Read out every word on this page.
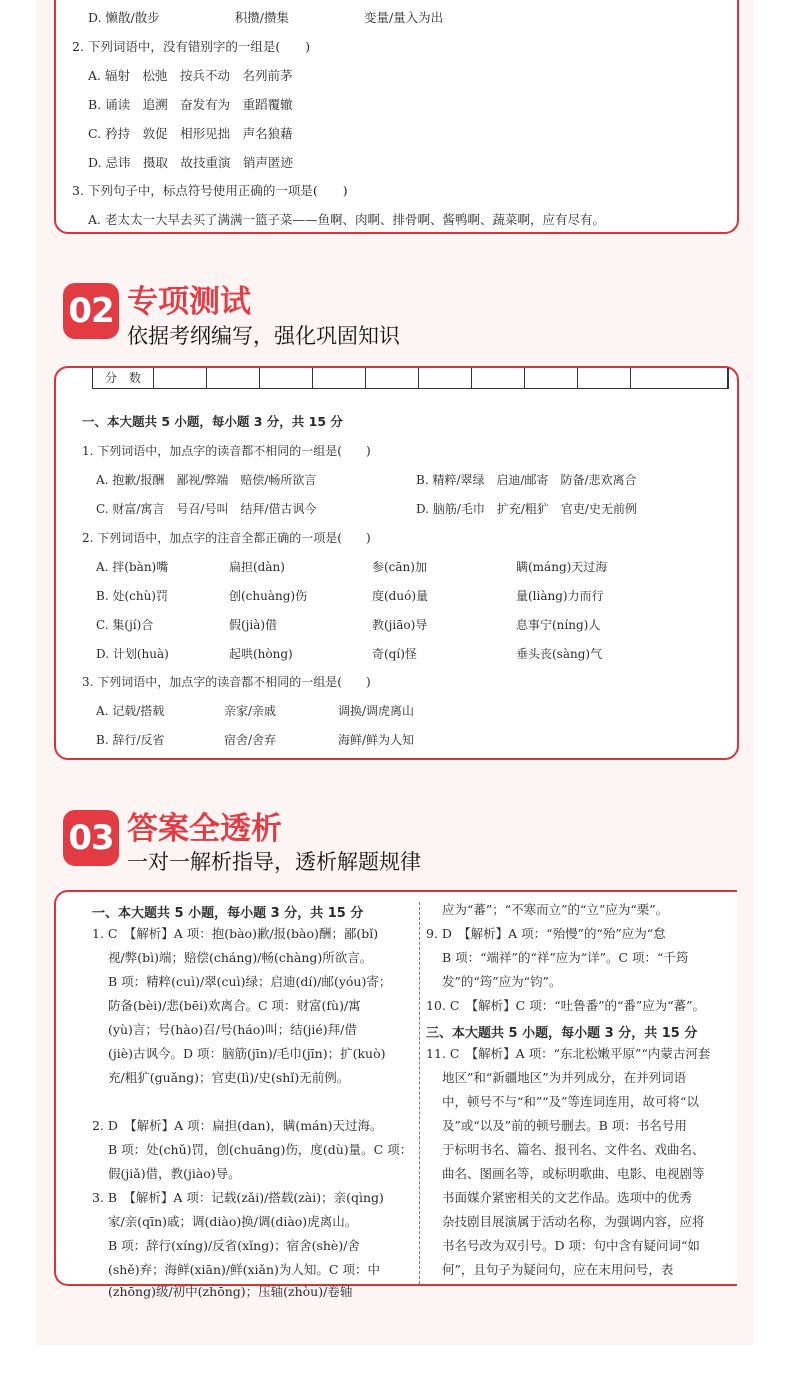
D. 懒散/散步　　　　　　积攒/攒集　　　　　　变量/量入为出
2. 下列词语中，没有错别字的一组是(　　)
A. 辐射　松弛　按兵不动　名列前茅
B. 诵读　追溯　奋发有为　重蹈覆辙
C. 矜持　敦促　相形见拙　声名狼藉
D. 忌讳　摄取　故技重演　销声匿迹
3. 下列句子中，标点符号使用正确的一项是(　　)
A. 老太太一大早去买了满满一篮子菜——鱼啊、肉啊、排骨啊、酱鸭啊、蔬菜啊，应有尽有。
02 专项测试
依据考纲编写，强化巩固知识
分　数
一、本大题共 5 小题，每小题 3 分，共 15 分
1. 下列词语中，加点字的读音都不相同的一组是(　　)
A. 抱歉/报酬　鄙视/弊端　赔偿/畅所欲言	B. 精粹/翠绿　启迪/邮寄　防备/悲欢离合
C. 财富/寓言　号召/号叫　结拜/借古讽今	D. 脑筋/毛巾　扩充/粗犷　官吏/史无前例
2. 下列词语中，加点字的注音全都正确的一项是(　　)
A. 拌(bàn)嘴	扁担(dàn)	参(cān)加	瞒(máng)天过海
B. 处(chù)罚	创(chuàng)伤	度(duó)量	量(liàng)力而行
C. 集(jí)合	假(jià)借	教(jiāo)导	息事宁(níng)人
D. 计划(huà)	起哄(hòng)	奇(qí)怪	垂头丧(sàng)气
3. 下列词语中，加点字的读音都不相同的一组是(　　)
A. 记载/搭载	亲家/亲戚	调换/调虎离山
B. 辞行/反省	宿舍/舍弃	海鲜/鲜为人知
03 答案全透析
一对一解析指导，透析解题规律
一、本大题共 5 小题，每小题 3 分，共 15 分
1. C　【解析】A 项：抱(bào)歉/报(bào)酬；鄙(bǐ)
视/弊(bì)端；赔偿(cháng)/畅(chàng)所欲言。
B 项：精粹(cuì)/翠(cuì)绿；启迪(dí)/邮(yóu)寄；
防备(bèi)/悲(bēi)欢离合。C 项：财富(fù)/寓
(yù)言；号(hào)召/号(háo)叫；结(jié)拜/借
(jiè)古讽今。D 项：脑筋(jīn)/毛巾(jīn)；扩(kuò)
充/粗犷(guǎng)；官吏(lì)/史(shǐ)无前例。
2. D　【解析】A 项：扁担(dan)，瞒(mán)天过海。
B 项：处(chǔ)罚，创(chuāng)伤，度(dù)量。C 项：
假(jiǎ)借，教(jiào)导。
3. B　【解析】A 项：记载(zǎi)/搭载(zài)；亲(qìng)
家/亲(qīn)戚；调(diào)换/调(diào)虎离山。
B 项：辞行(xíng)/反省(xǐng)；宿舍(shè)/舍
(shě)弃；海鲜(xiān)/鲜(xiǎn)为人知。C 项：中
(zhōng)级/初中(zhōng)；压轴(zhòu)/卷轴
应为“蕃”；“不寒而立”的“立”应为“栗”。
9. D　【解析】A 项：“殆慢”的“殆”应为“怠
B 项：“端祥”的“祥”应为“详”。C 项：“千筠
发”的“筠”应为“钧”。
10. C　【解析】C 项：“吐鲁番”的“番”应为“蕃”。
三、本大题共 5 小题，每小题 3 分，共 15 分
11. C　【解析】A 项：“东北松嫩平原”“内蒙古河套
地区”和“新疆地区”为并列成分，在并列词语
中，顿号不与“和”“及”等连词连用，故可将“以
及”或“以及”前的顿号删去。B 项：书名号用
于标明书名、篇名、报刊名、文件名、戏曲名、
曲名、图画名等，或标明歌曲、电影、电视剧等
书面媒介紧密相关的文艺作品。选项中的优秀
杂技剧目展演属于活动名称，为强调内容，应将
书名号改为双引号。D 项：句中含有疑问词“如
何”，且句子为疑问句，应在末用问号，表
